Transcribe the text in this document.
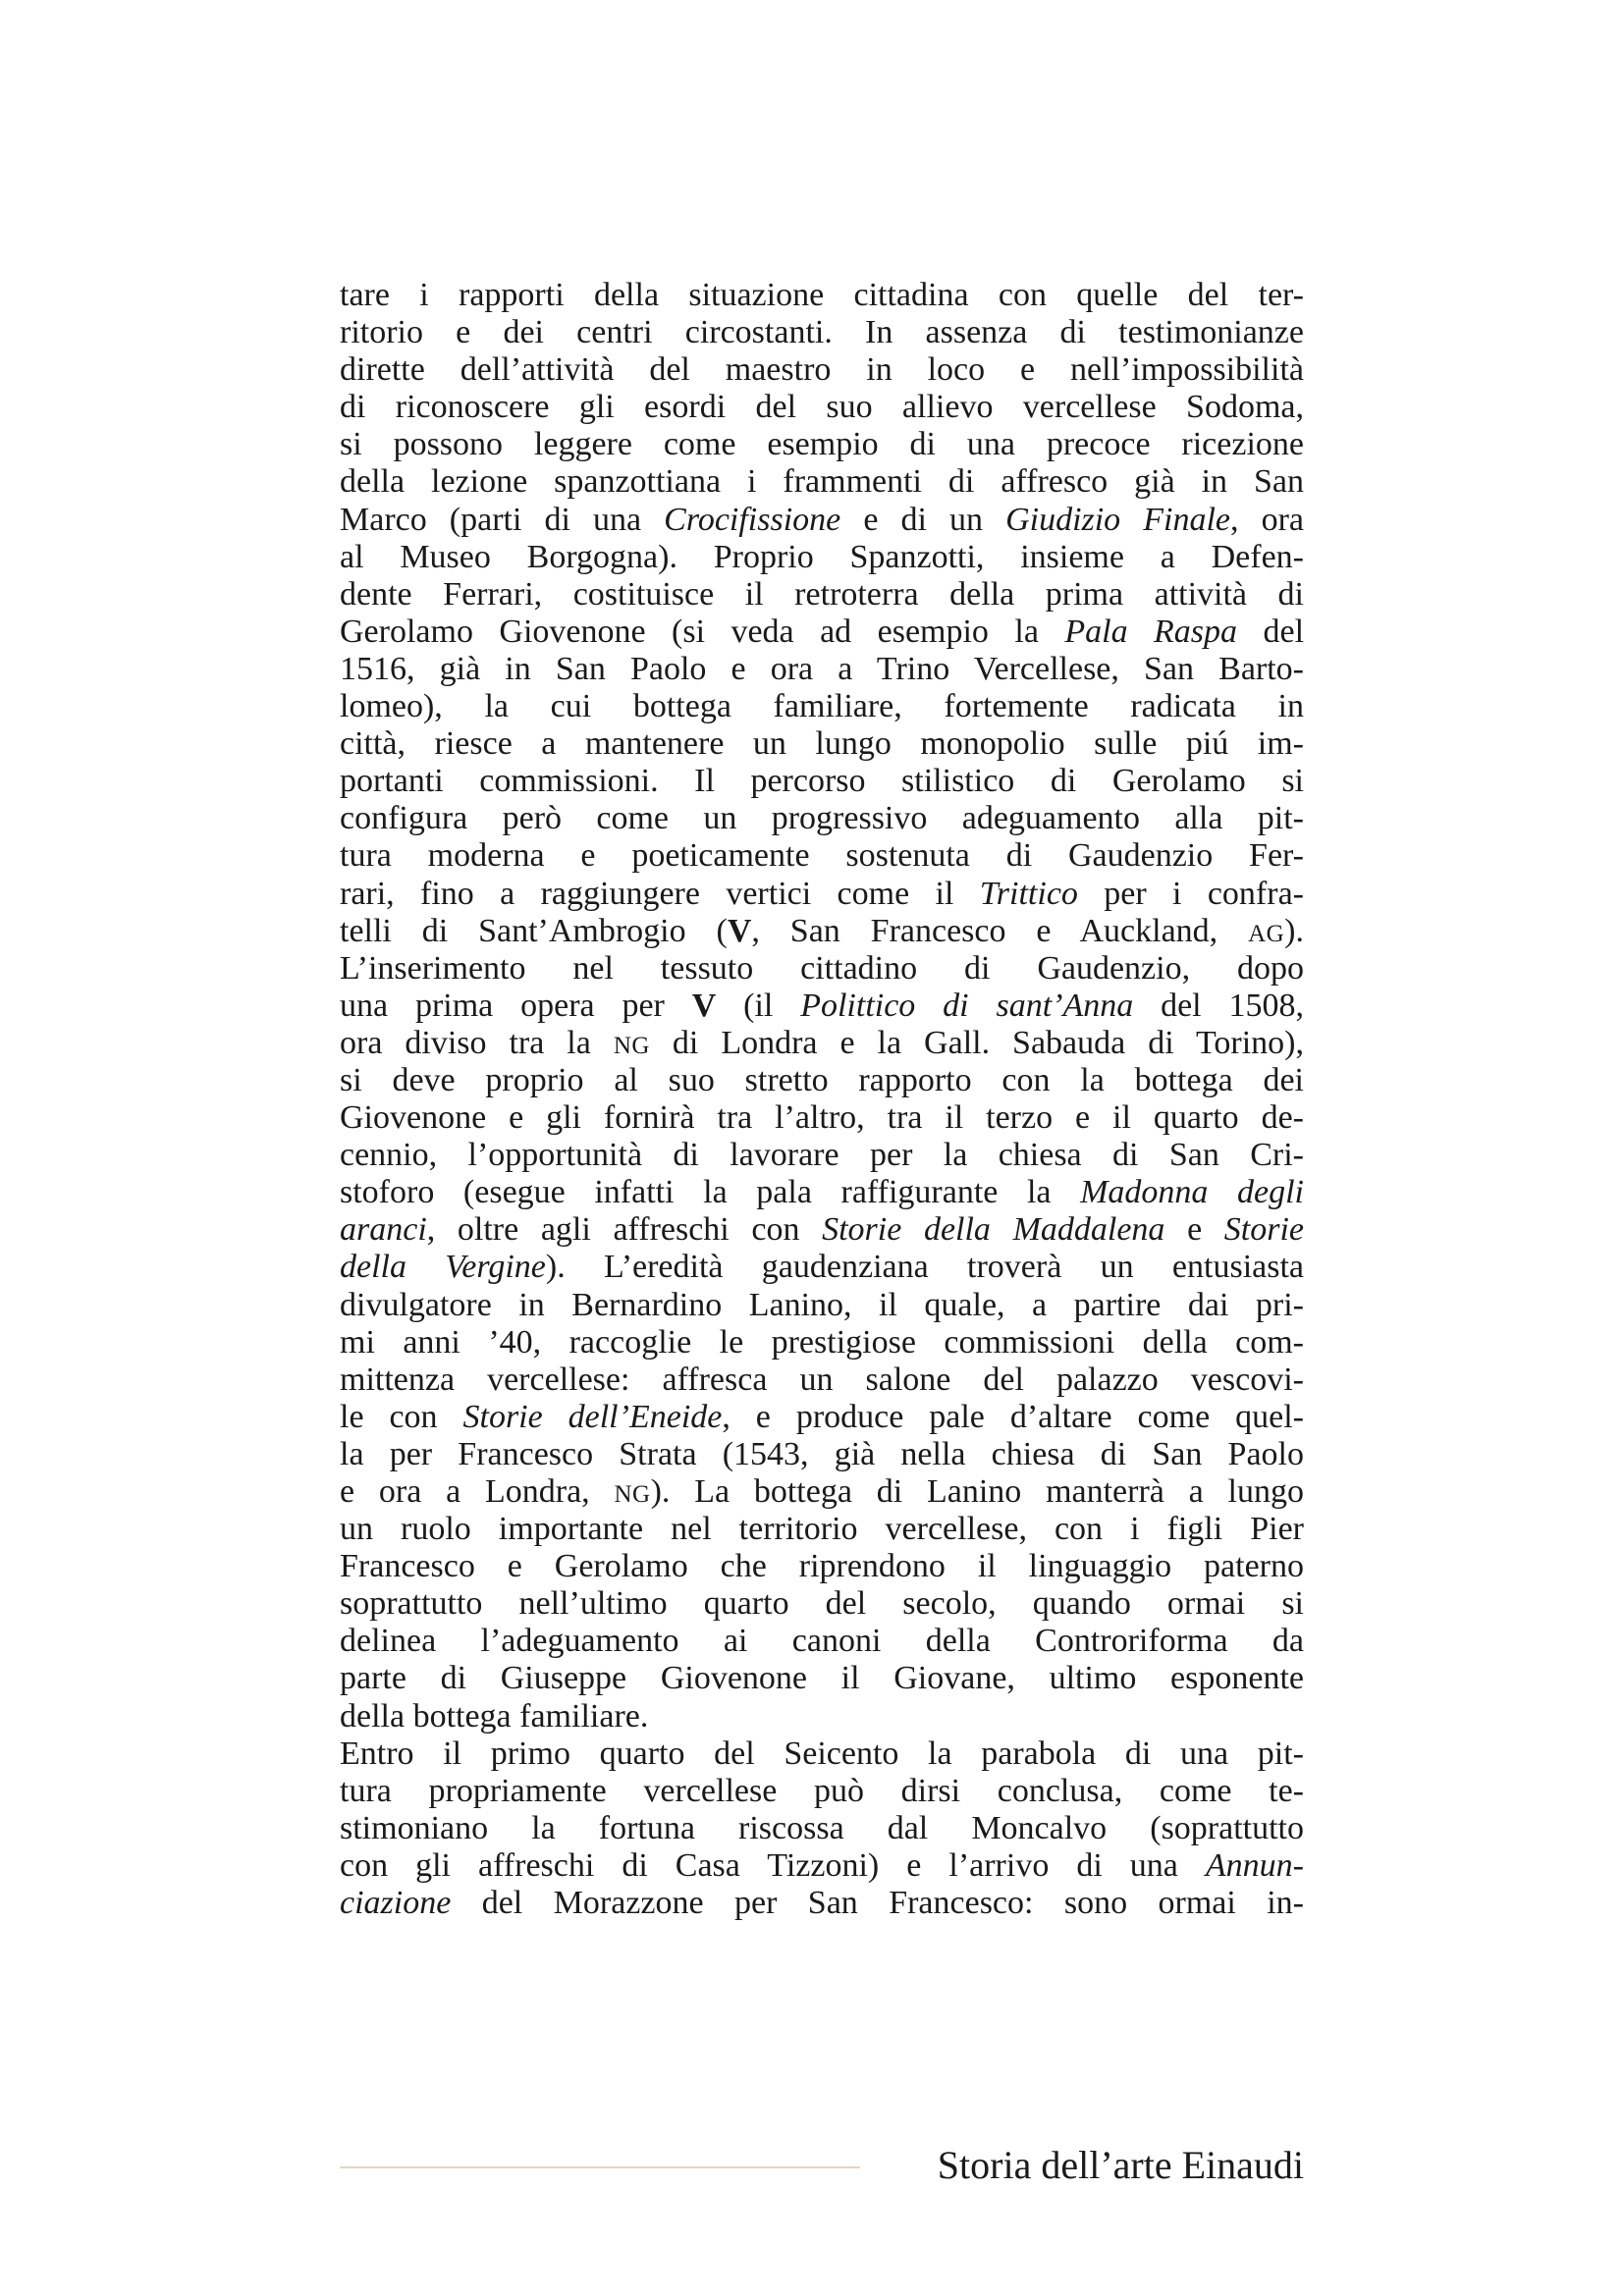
tare i rapporti della situazione cittadina con quelle del ter-
ritorio e dei centri circostanti. In assenza di testimonianze
dirette dell’attività del maestro in loco e nell’impossibilità
di riconoscere gli esordi del suo allievo vercellese Sodoma,
si possono leggere come esempio di una precoce ricezione
della lezione spanzottiana i frammenti di affresco già in San
Marco (parti di una Crocifissione e di un Giudizio Finale, ora
al Museo Borgogna). Proprio Spanzotti, insieme a Defen-
dente Ferrari, costituisce il retroterra della prima attività di
Gerolamo Giovenone (si veda ad esempio la Pala Raspa del
1516, già in San Paolo e ora a Trino Vercellese, San Barto-
lomeo), la cui bottega familiare, fortemente radicata in
città, riesce a mantenere un lungo monopolio sulle piú im-
portanti commissioni. Il percorso stilistico di Gerolamo si
configura però come un progressivo adeguamento alla pit-
tura moderna e poeticamente sostenuta di Gaudenzio Fer-
rari, fino a raggiungere vertici come il Trittico per i confra-
telli di Sant’Ambrogio (V, San Francesco e Auckland, AG).
L’inserimento nel tessuto cittadino di Gaudenzio, dopo
una prima opera per V (il Polittico di sant’Anna del 1508,
ora diviso tra la NG di Londra e la Gall. Sabauda di Torino),
si deve proprio al suo stretto rapporto con la bottega dei
Giovenone e gli fornirà tra l’altro, tra il terzo e il quarto de-
cennio, l’opportunità di lavorare per la chiesa di San Cri-
stoforo (esegue infatti la pala raffigurante la Madonna degli
aranci, oltre agli affreschi con Storie della Maddalena e Storie
della Vergine). L’eredità gaudenziana troverà un entusiasta
divulgatore in Bernardino Lanino, il quale, a partire dai pri-
mi anni ’40, raccoglie le prestigiose commissioni della com-
mittenza vercellese: affresca un salone del palazzo vescovi-
le con Storie dell’Eneide, e produce pale d’altare come quel-
la per Francesco Strata (1543, già nella chiesa di San Paolo
e ora a Londra, NG). La bottega di Lanino manterrà a lungo
un ruolo importante nel territorio vercellese, con i figli Pier
Francesco e Gerolamo che riprendono il linguaggio paterno
soprattutto nell’ultimo quarto del secolo, quando ormai si
delinea l’adeguamento ai canoni della Controriforma da
parte di Giuseppe Giovenone il Giovane, ultimo esponente
della bottega familiare.
Entro il primo quarto del Seicento la parabola di una pit-
tura propriamente vercellese può dirsi conclusa, come te-
stimoniano la fortuna riscossa dal Moncalvo (soprattutto
con gli affreschi di Casa Tizzoni) e l’arrivo di una Annun-
ciazione del Morazzone per San Francesco: sono ormai in-
Storia dell’arte Einaudi
